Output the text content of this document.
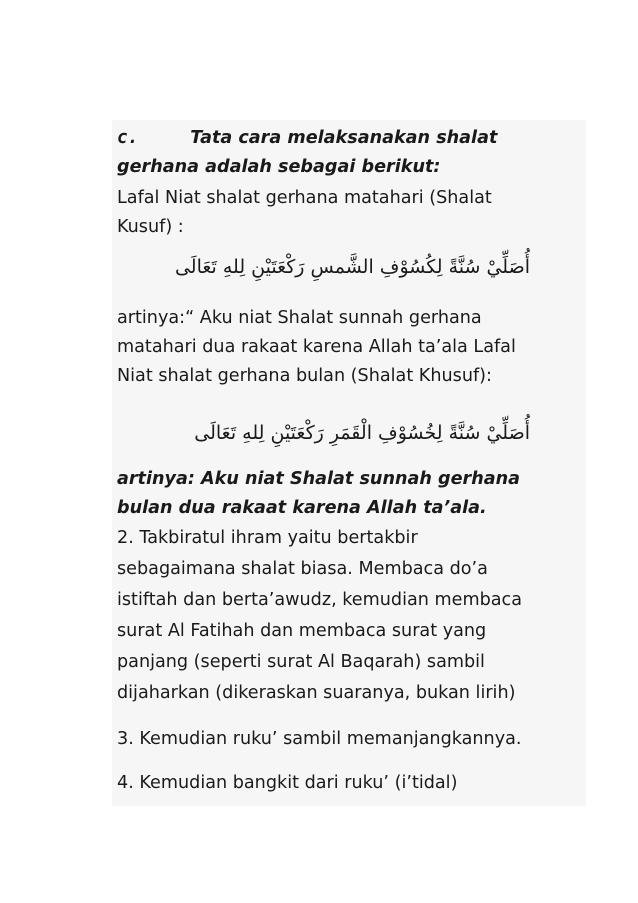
c.	Tata cara melaksanakan shalat
gerhana adalah sebagai berikut:
Lafal Niat shalat gerhana matahari (Shalat
Kusuf) :
أُصَلِّيْ سُنَّةً لِكُسُوْفِ الشَّمسِ رَكْعَتَيْنِ لِلهِ تَعَالَى
artinya:“ Aku niat Shalat sunnah gerhana
matahari dua rakaat karena Allah ta’ala Lafal
Niat shalat gerhana bulan (Shalat Khusuf):
أُصَلِّيْ سُنَّةً لِخُسُوْفِ الْقَمَرِ رَكْعَتَيْنِ لِلهِ تَعَالَى
artinya: Aku niat Shalat sunnah gerhana
bulan dua rakaat karena Allah ta’ala.
2. Takbiratul ihram yaitu bertakbir
sebagaimana shalat biasa. Membaca do’a
istiftah dan berta’awudz, kemudian membaca
surat Al Fatihah dan membaca surat yang
panjang (seperti surat Al Baqarah) sambil
dijaharkan (dikeraskan suaranya, bukan lirih)
3. Kemudian ruku’ sambil memanjangkannya.
4. Kemudian bangkit dari ruku’ (i’tidal)
